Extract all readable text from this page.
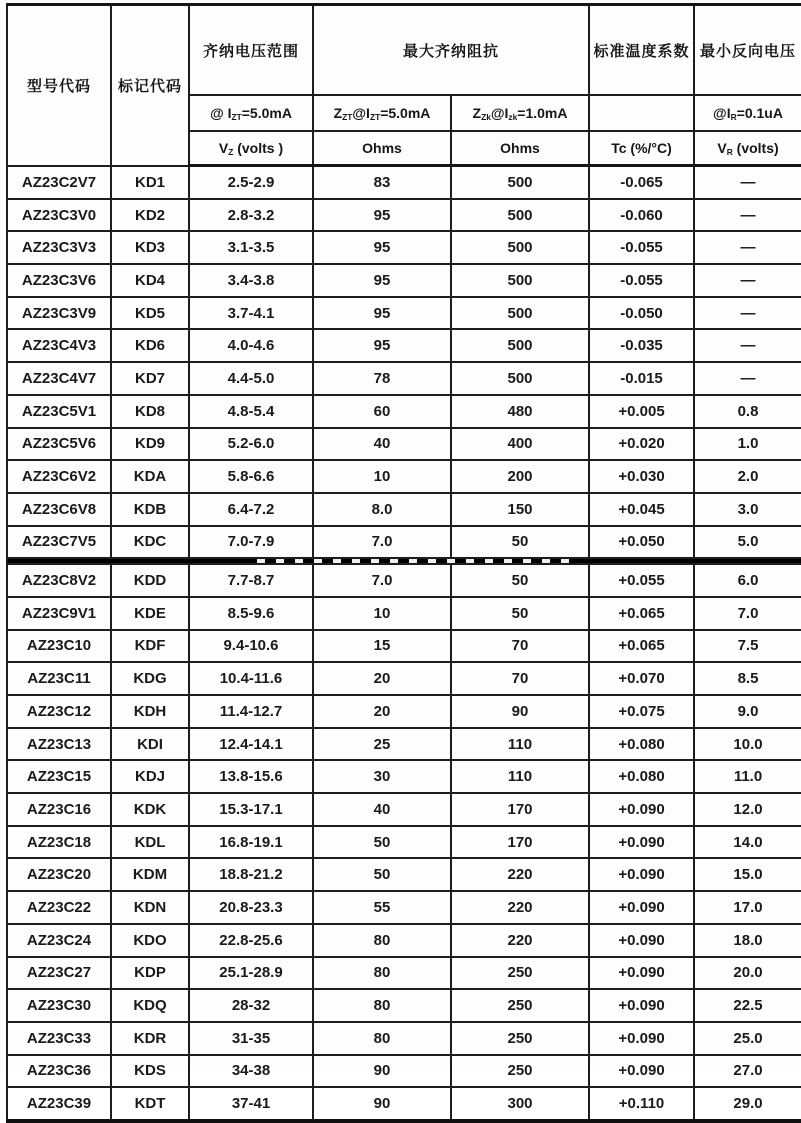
型号代码	标记代码	齐纳电压范围	最大齐纳阻抗		标准温度系数	最小反向电压
		@ $I_{ZT}=5.0mA$	$Z_{ZT}@I_{ZT}=5.0mA$	$Z_{Zk}@I_{zk}=1.0mA$		$@I_R=0.1uA$
		$V_Z$ (volts )	Ohms	Ohms	Tc (%/°C)	$V_R$ (volts)
AZ23C2V7	KD1	2.5-2.9	83	500	-0.065	—
AZ23C3V0	KD2	2.8-3.2	95	500	-0.060	—
AZ23C3V3	KD3	3.1-3.5	95	500	-0.055	—
AZ23C3V6	KD4	3.4-3.8	95	500	-0.055	—
AZ23C3V9	KD5	3.7-4.1	95	500	-0.050	—
AZ23C4V3	KD6	4.0-4.6	95	500	-0.035	—
AZ23C4V7	KD7	4.4-5.0	78	500	-0.015	—
AZ23C5V1	KD8	4.8-5.4	60	480	+0.005	0.8
AZ23C5V6	KD9	5.2-6.0	40	400	+0.020	1.0
AZ23C6V2	KDA	5.8-6.6	10	200	+0.030	2.0
AZ23C6V8	KDB	6.4-7.2	8.0	150	+0.045	3.0
AZ23C7V5	KDC	7.0-7.9	7.0	50	+0.050	5.0

AZ23C8V2	KDD	7.7-8.7	7.0	50	+0.055	6.0
AZ23C9V1	KDE	8.5-9.6	10	50	+0.065	7.0
AZ23C10	KDF	9.4-10.6	15	70	+0.065	7.5
AZ23C11	KDG	10.4-11.6	20	70	+0.070	8.5
AZ23C12	KDH	11.4-12.7	20	90	+0.075	9.0
AZ23C13	KDI	12.4-14.1	25	110	+0.080	10.0
AZ23C15	KDJ	13.8-15.6	30	110	+0.080	11.0
AZ23C16	KDK	15.3-17.1	40	170	+0.090	12.0
AZ23C18	KDL	16.8-19.1	50	170	+0.090	14.0
AZ23C20	KDM	18.8-21.2	50	220	+0.090	15.0
AZ23C22	KDN	20.8-23.3	55	220	+0.090	17.0
AZ23C24	KDO	22.8-25.6	80	220	+0.090	18.0
AZ23C27	KDP	25.1-28.9	80	250	+0.090	20.0
AZ23C30	KDQ	28-32	80	250	+0.090	22.5
AZ23C33	KDR	31-35	80	250	+0.090	25.0
AZ23C36	KDS	34-38	90	250	+0.090	27.0
AZ23C39	KDT	37-41	90	300	+0.110	29.0
